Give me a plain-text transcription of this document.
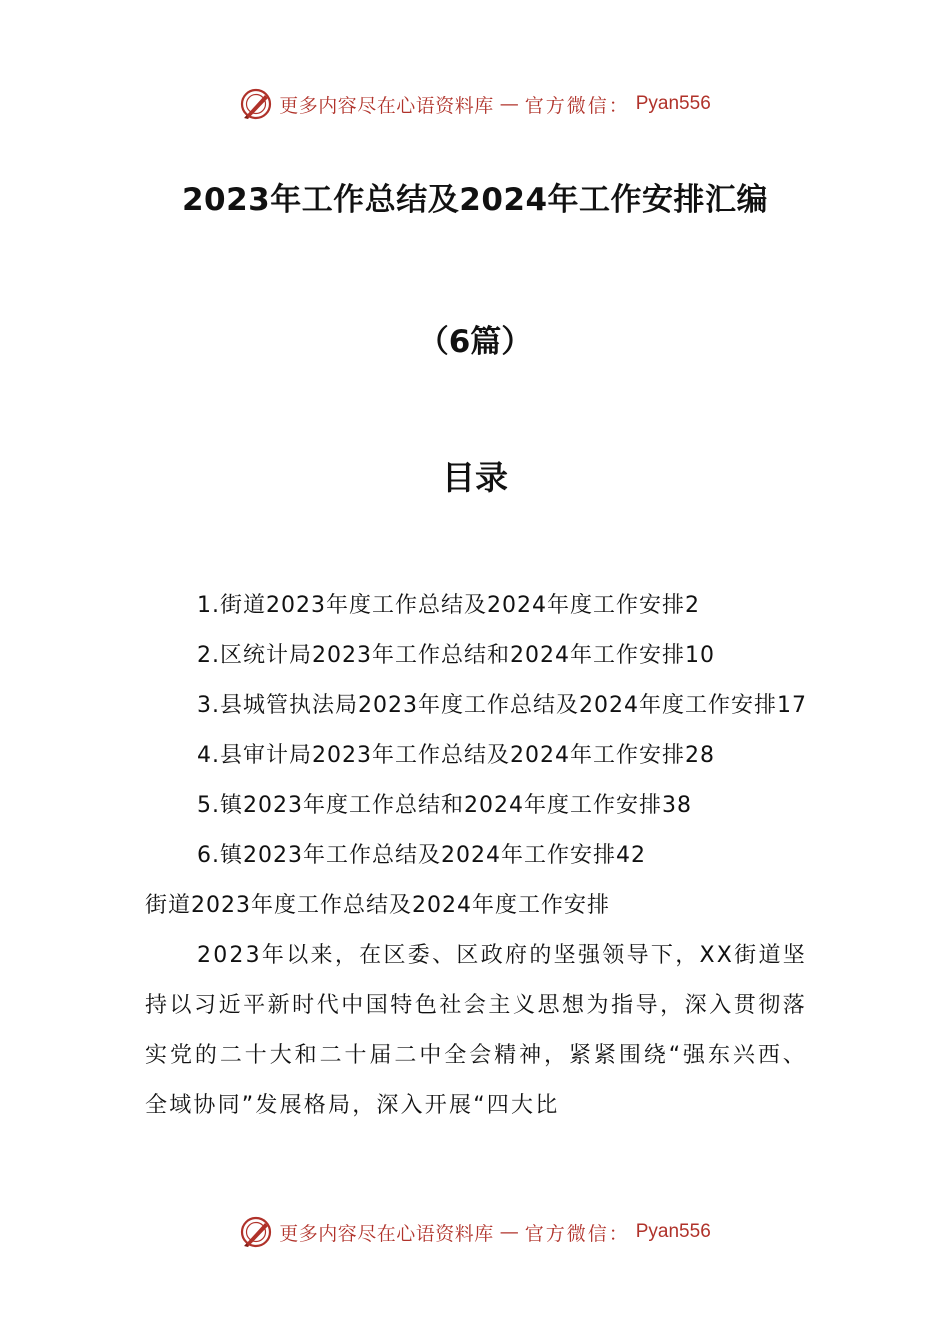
更多内容尽在心语资料库 — 官方微信： Pyan556
2023年工作总结及2024年工作安排汇编
（6篇）
目录
1.街道2023年度工作总结及2024年度工作安排2
2.区统计局2023年工作总结和2024年工作安排10
3.县城管执法局2023年度工作总结及2024年度工作安排17
4.县审计局2023年工作总结及2024年工作安排28
5.镇2023年度工作总结和2024年度工作安排38
6.镇2023年工作总结及2024年工作安排42
街道2023年度工作总结及2024年度工作安排
2023年以来，在区委、区政府的坚强领导下，XX街道坚持以习近平新时代中国特色社会主义思想为指导，深入贯彻落实党的二十大和二十届二中全会精神，紧紧围绕“强东兴西、全域协同”发展格局，深入开展“四大比
更多内容尽在心语资料库 — 官方微信： Pyan556
